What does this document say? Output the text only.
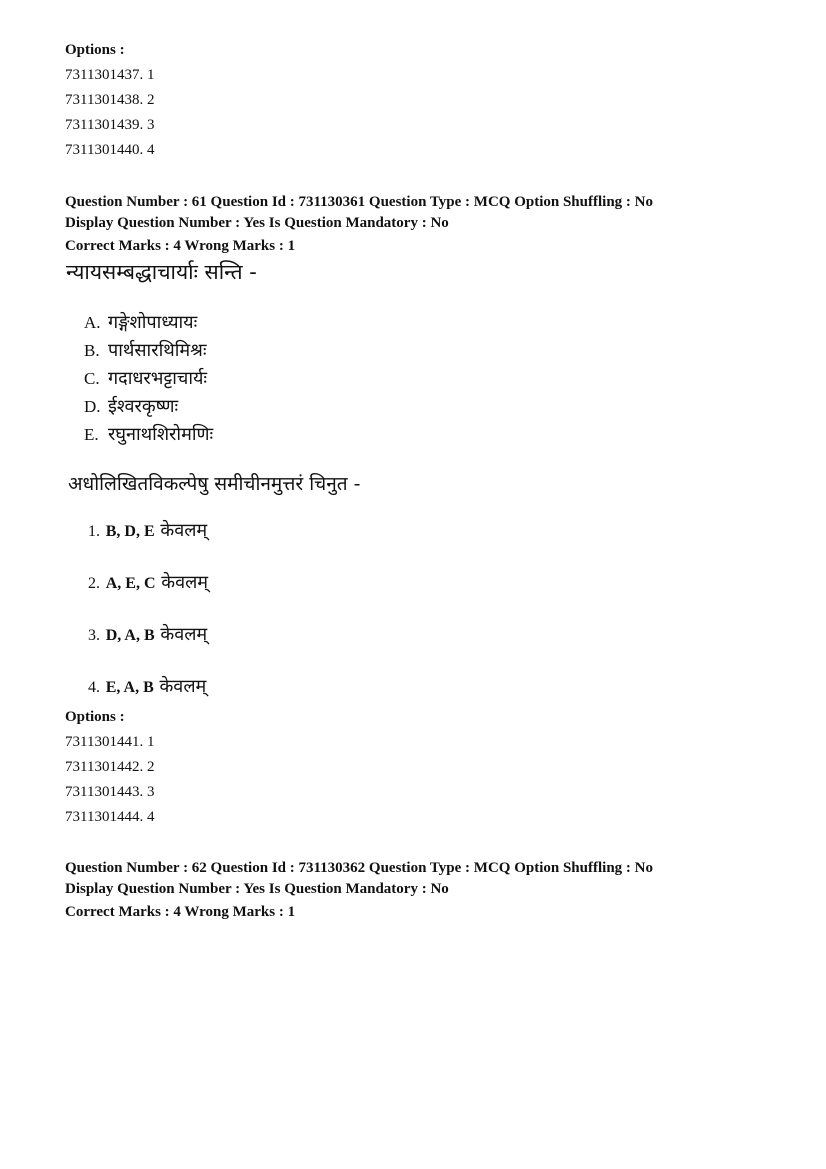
Options :
7311301437. 1
7311301438. 2
7311301439. 3
7311301440. 4
Question Number : 61 Question Id : 731130361 Question Type : MCQ Option Shuffling : No
Display Question Number : Yes Is Question Mandatory : No
Correct Marks : 4 Wrong Marks : 1
न्यायसम्बद्धाचार्याः सन्ति -
A. गङ्गेशोपाध्यायः
B. पार्थसारथिमिश्रः
C. गदाधरभट्टाचार्यः
D. ईश्वरकृष्णः
E. रघुनाथशिरोमणिः
अधोलिखितविकल्पेषु समीचीनमुत्तरं चिनुत -
1. B, D, E केवलम्
2. A, E, C केवलम्
3. D, A, B केवलम्
4. E, A, B केवलम्
Options :
7311301441. 1
7311301442. 2
7311301443. 3
7311301444. 4
Question Number : 62 Question Id : 731130362 Question Type : MCQ Option Shuffling : No
Display Question Number : Yes Is Question Mandatory : No
Correct Marks : 4 Wrong Marks : 1
